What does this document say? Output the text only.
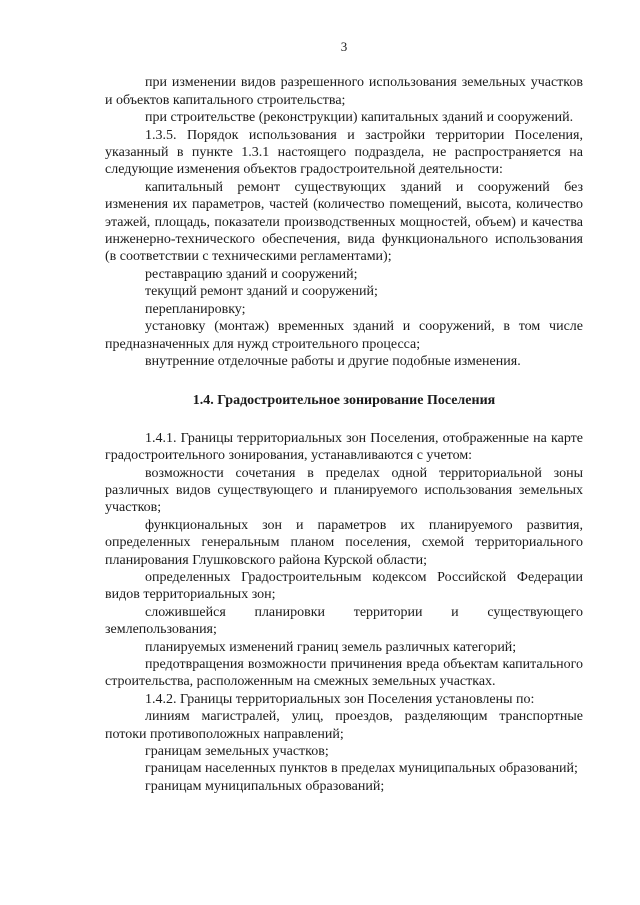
3

при изменении видов разрешенного использования земельных участков и объектов капитального строительства;

при строительстве (реконструкции) капитальных зданий и сооружений.

1.3.5. Порядок использования и застройки территории Поселения, указанный в пункте 1.3.1 настоящего подраздела, не распространяется на следующие изменения объектов градостроительной деятельности:

капитальный ремонт существующих зданий и сооружений без изменения их параметров, частей (количество помещений, высота, количество этажей, площадь, показатели производственных мощностей, объем) и качества инженерно-технического обеспечения, вида функционального использования (в соответствии с техническими регламентами);

реставрацию зданий и сооружений;

текущий ремонт зданий и сооружений;

перепланировку;

установку (монтаж) временных зданий и сооружений, в том числе предназначенных для нужд строительного процесса;

внутренние отделочные работы и другие подобные изменения.

1.4. Градостроительное зонирование Поселения

1.4.1. Границы территориальных зон Поселения, отображенные на карте градостроительного зонирования, устанавливаются с учетом:

возможности сочетания в пределах одной территориальной зоны различных видов существующего и планируемого использования земельных участков;

функциональных зон и параметров их планируемого развития, определенных генеральным планом поселения, схемой территориального планирования Глушковского района Курской области;

определенных Градостроительным кодексом Российской Федерации видов территориальных зон;

сложившейся планировки территории и существующего землепользования;

планируемых изменений границ земель различных категорий;

предотвращения возможности причинения вреда объектам капитального строительства, расположенным на смежных земельных участках.

1.4.2. Границы территориальных зон Поселения установлены по:

линиям магистралей, улиц, проездов, разделяющим транспортные потоки противоположных направлений;

границам земельных участков;

границам населенных пунктов в пределах муниципальных образований;

границам муниципальных образований;
